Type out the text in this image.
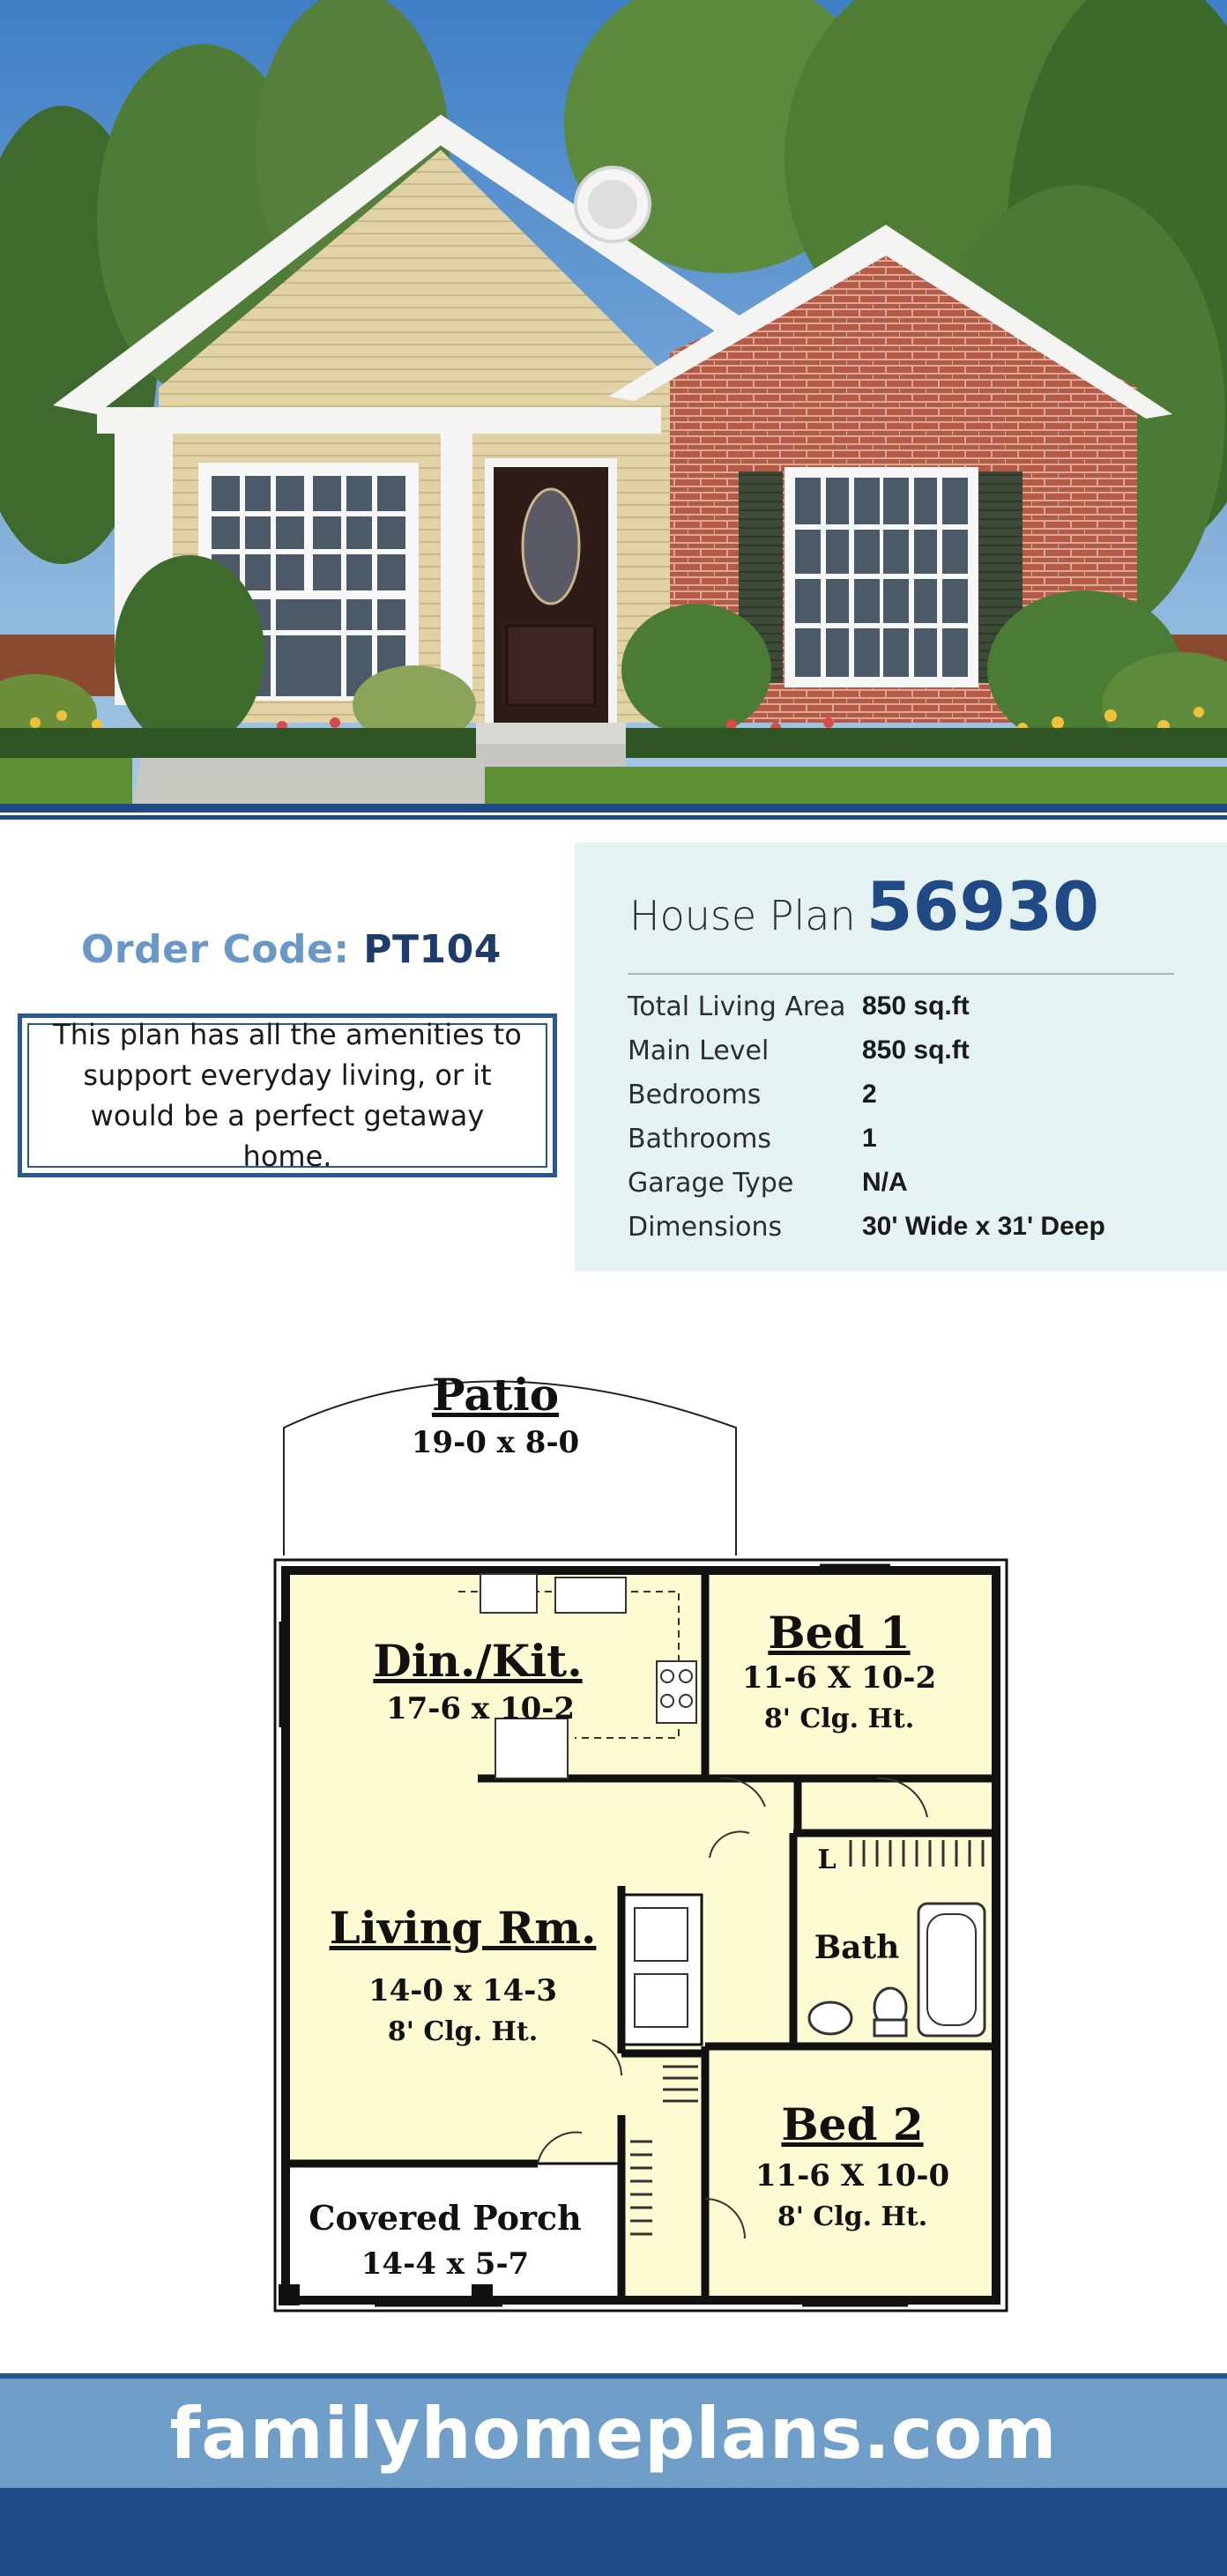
Order Code: PT104
This plan has all the amenities to support everyday living, or it would be a perfect getaway home.
House Plan 56930
Total Living Area 850 sq.ft
Main Level	850 sq.ft
Bedrooms	2
Bathrooms	1
Garage Type	N/A
Dimensions	30' Wide x 31' Deep
Patio
19-0 x 8-0
Din./Kit.
17-6 x 10-2
Bed 1
11-6 X 10-2
8' Clg. Ht.
Living Rm.
14-0 x 14-3
8' Clg. Ht.
Bath
L
Bed 2
11-6 X 10-0
8' Clg. Ht.
Covered Porch
14-4 x 5-7
familyhomeplans.com
